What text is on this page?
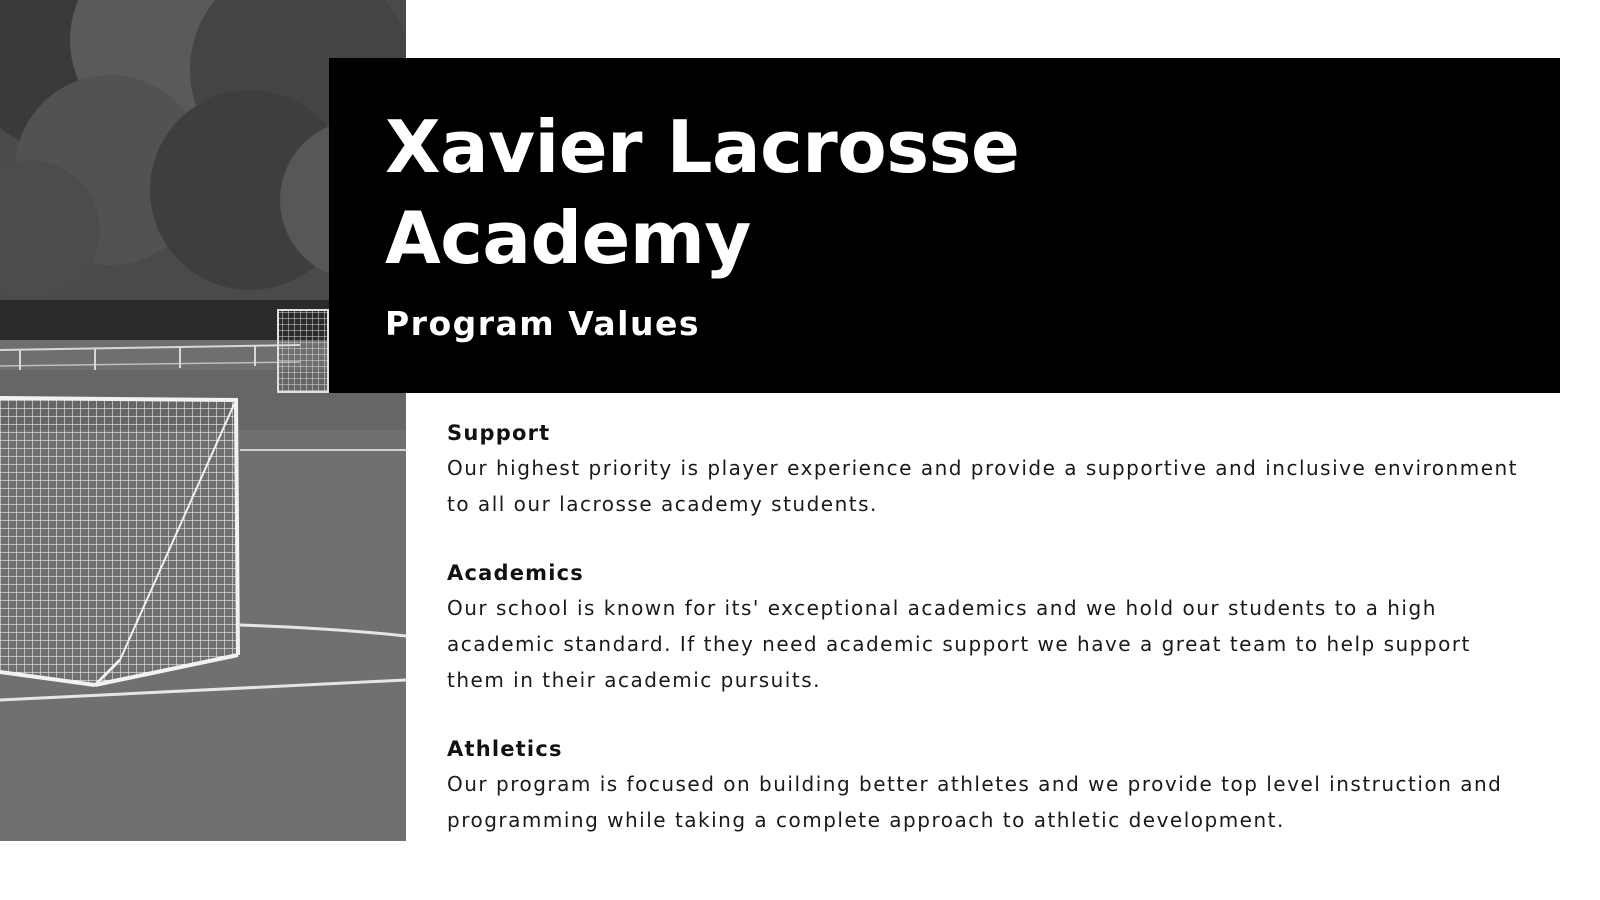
Xavier Lacrosse Academy
Program Values
Support

Our highest priority is player experience and provide a supportive and inclusive environment to all our lacrosse academy students.

Academics

Our school is known for its' exceptional academics and we hold our students to a high academic standard. If they need academic support we have a great team to help support them in their academic pursuits.

Athletics

Our program is focused on building better athletes and we provide top level instruction and programming while taking a complete approach to athletic development.
